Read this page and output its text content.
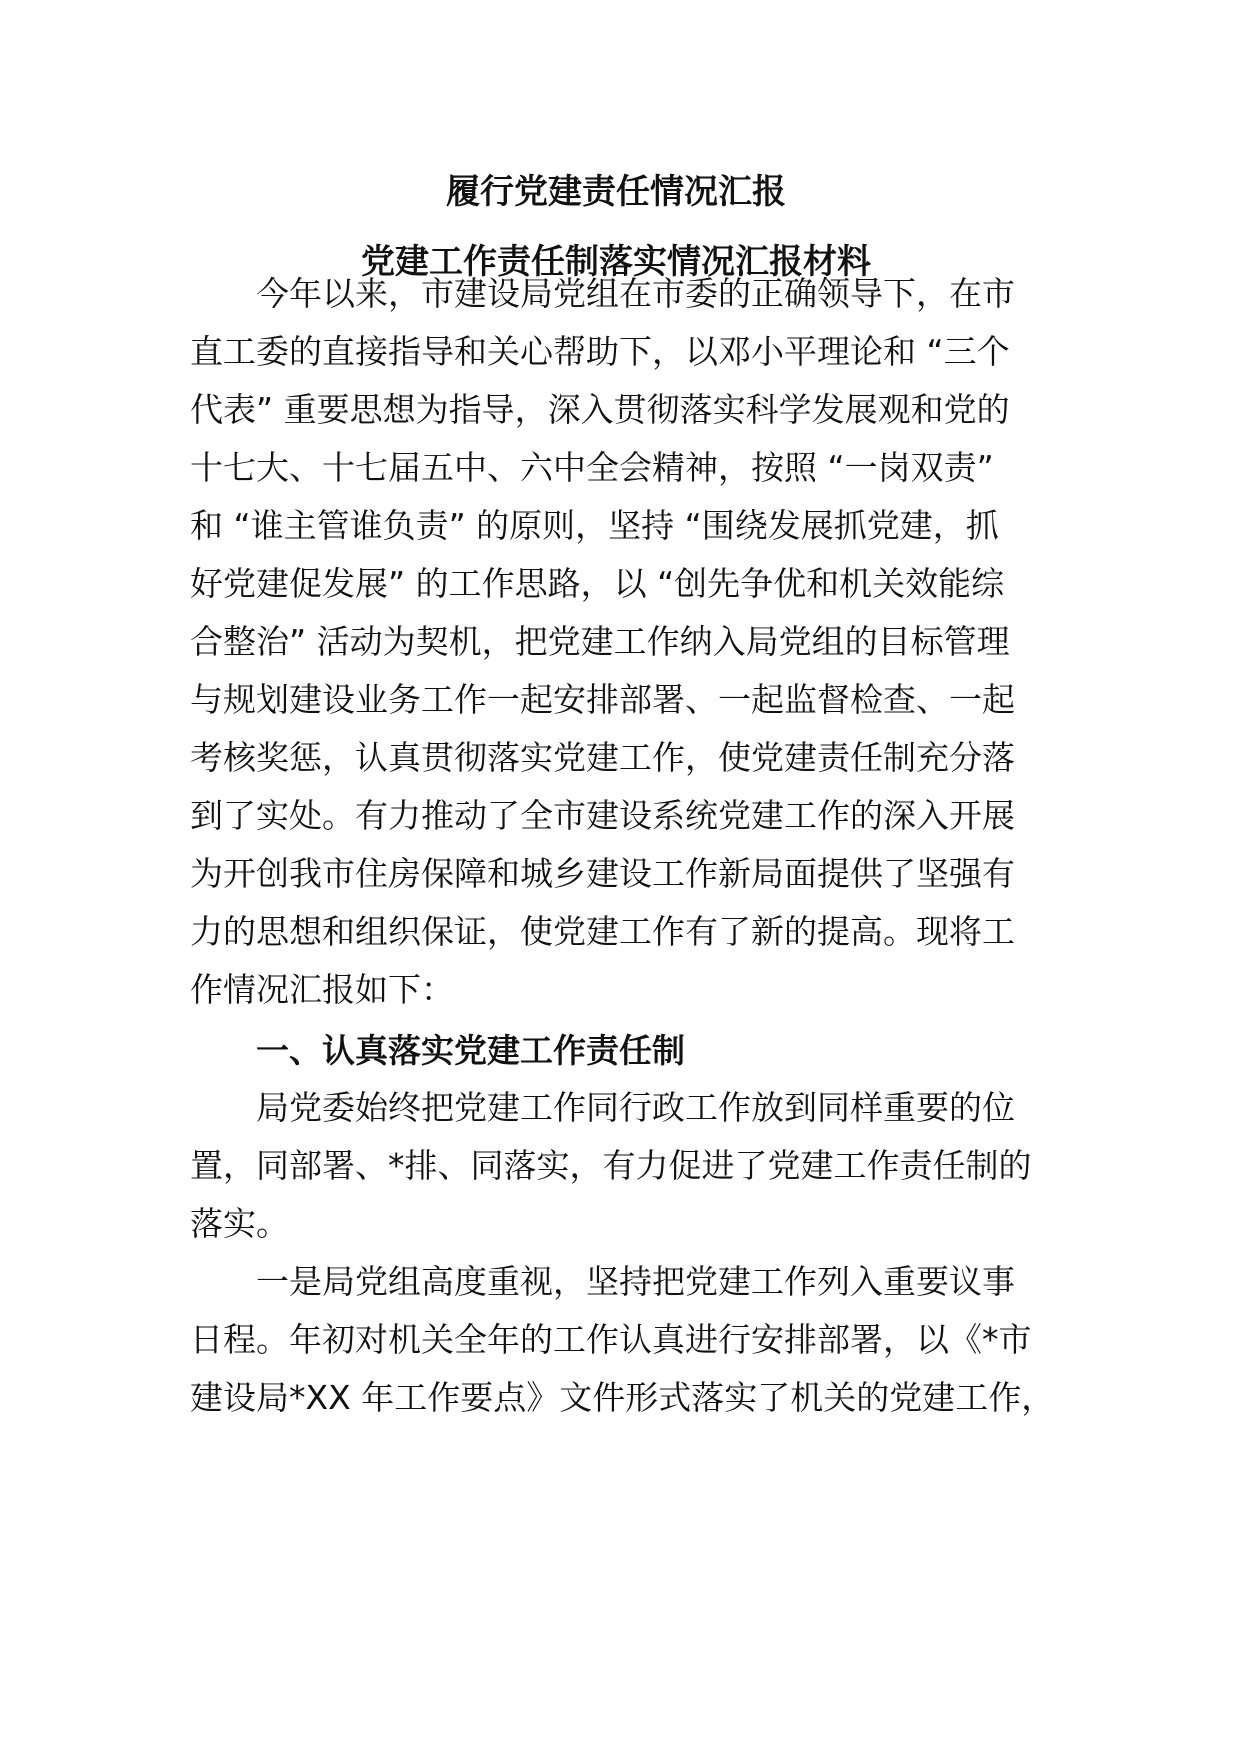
履行党建责任情况汇报
党建工作责任制落实情况汇报材料

今年以来，市建设局党组在市委的正确领导下，在市

直工委的直接指导和关心帮助下，以邓小平理论和 “三个

代表” 重要思想为指导，深入贯彻落实科学发展观和党的

十七大、十七届五中、六中全会精神，按照 “一岗双责”

和 “谁主管谁负责” 的原则，坚持 “围绕发展抓党建，抓

好党建促发展” 的工作思路，以 “创先争优和机关效能综

合整治” 活动为契机，把党建工作纳入局党组的目标管理

与规划建设业务工作一起安排部署、一起监督检查、一起

考核奖惩，认真贯彻落实党建工作，使党建责任制充分落

到了实处。有力推动了全市建设系统党建工作的深入开展

为开创我市住房保障和城乡建设工作新局面提供了坚强有

力的思想和组织保证，使党建工作有了新的提高。现将工

作情况汇报如下：

一、认真落实党建工作责任制

局党委始终把党建工作同行政工作放到同样重要的位

置，同部署、*排、同落实，有力促进了党建工作责任制的

落实。

一是局党组高度重视，坚持把党建工作列入重要议事

日程。年初对机关全年的工作认真进行安排部署，以《*市

建设局*XX 年工作要点》文件形式落实了机关的党建工作，
